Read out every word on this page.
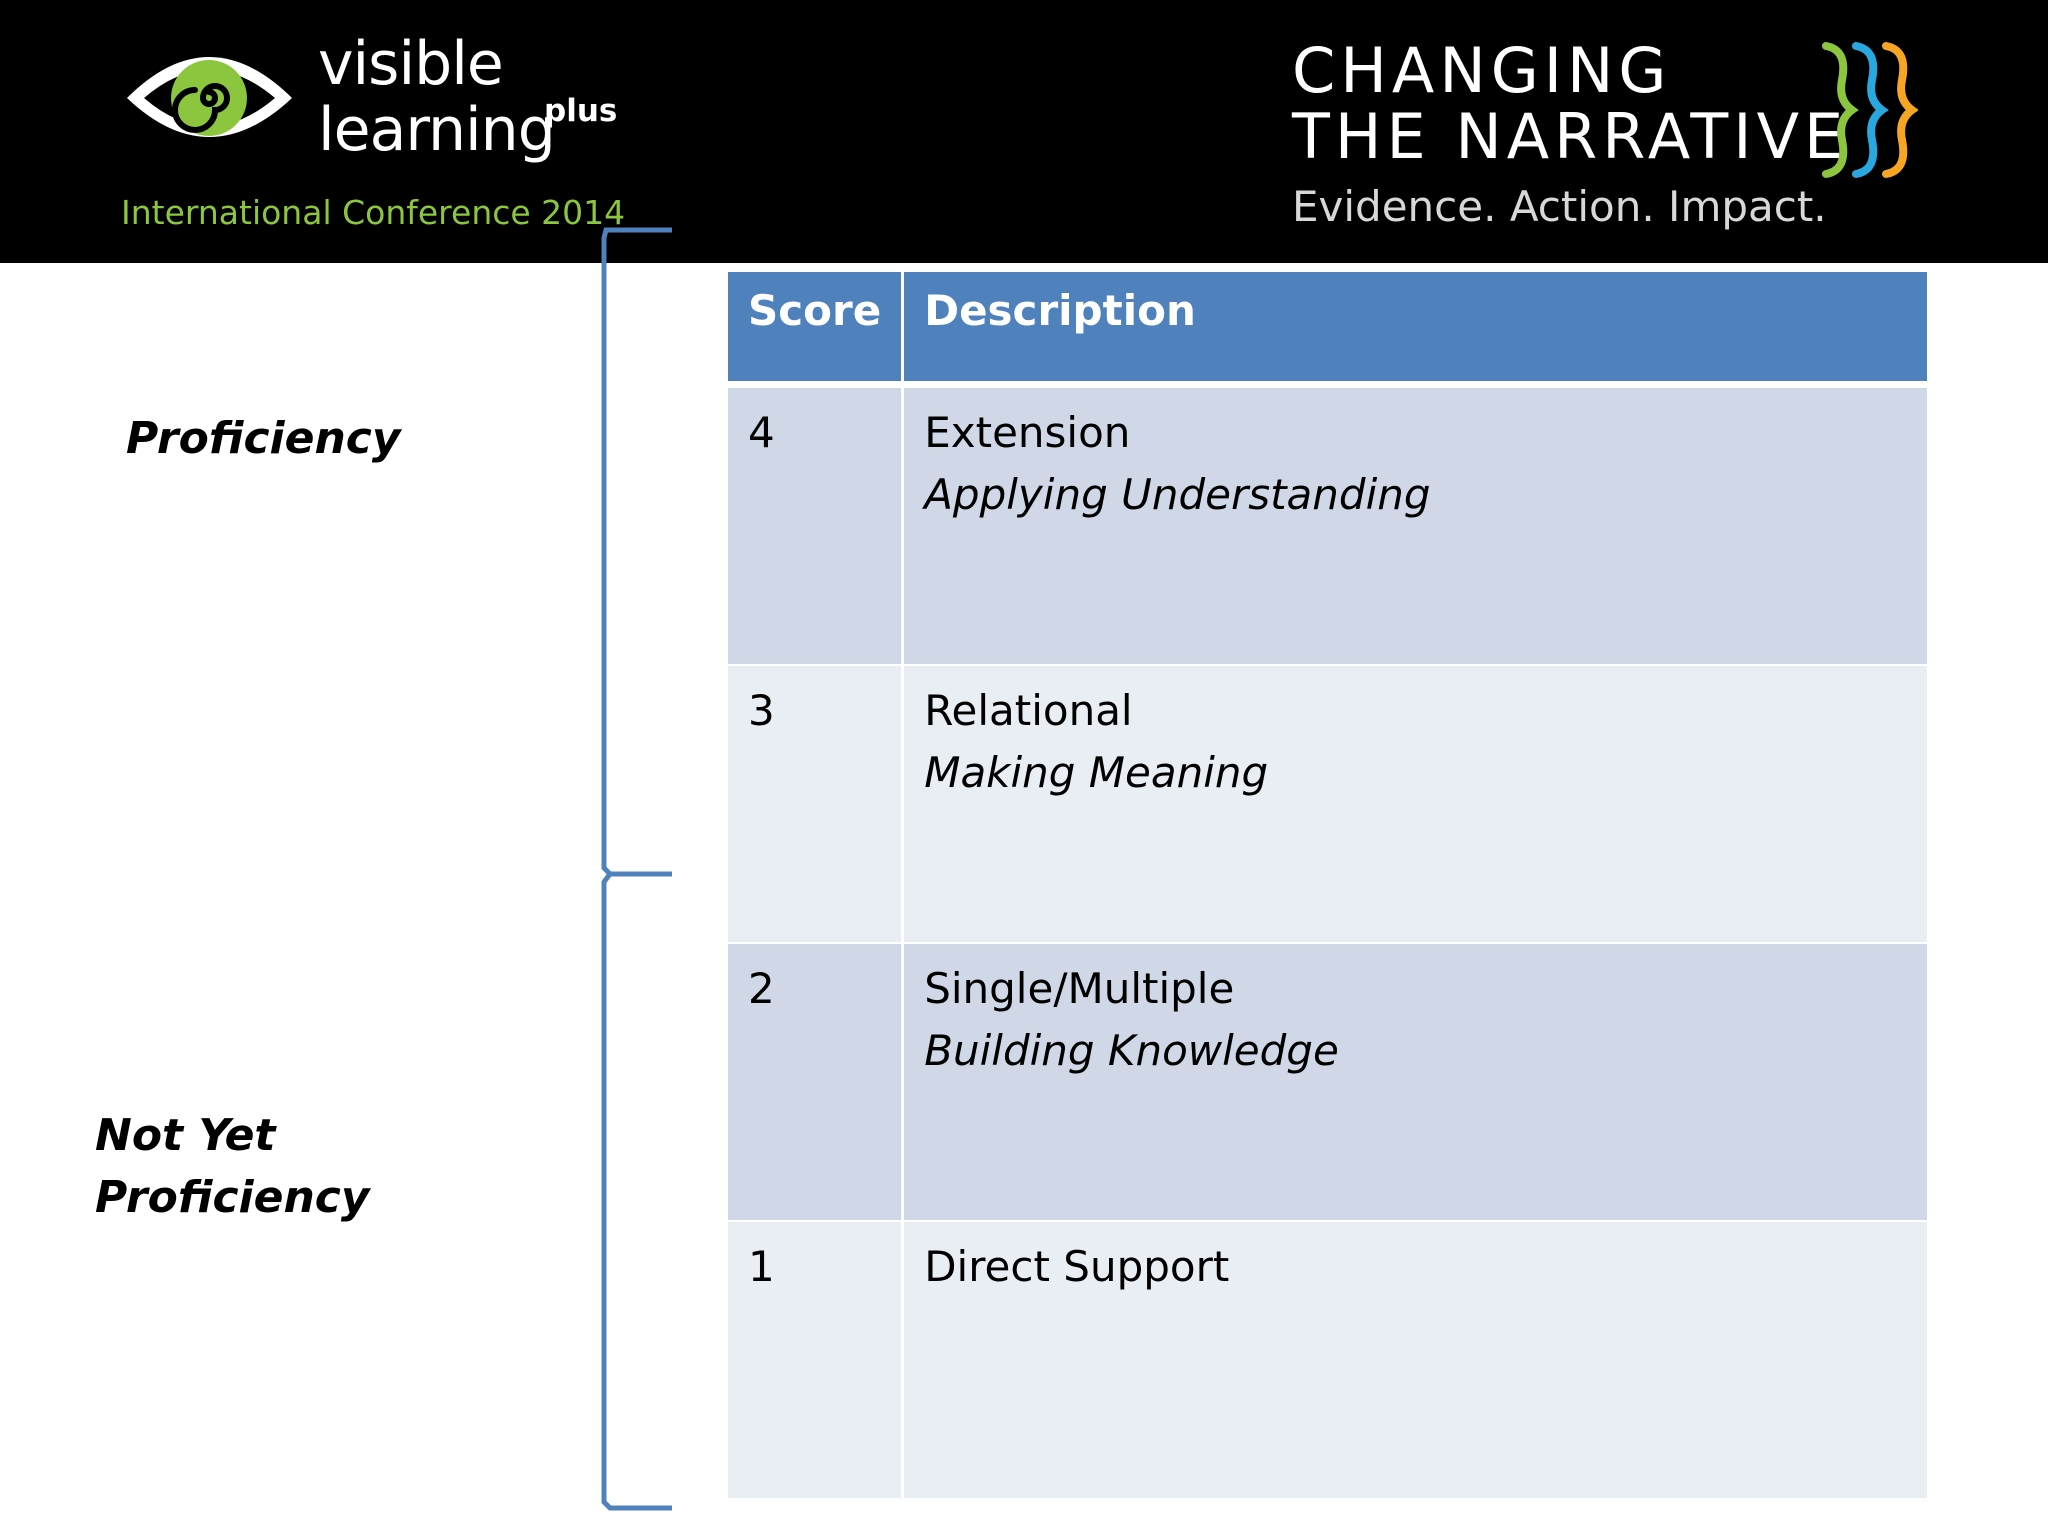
visible
learning
plus
International Conference 2014
CHANGING
THE NARRATIVE
Evidence. Action. Impact.
Proficiency
Not Yet
Proficiency
Score	Description
4	Extension
Applying Understanding

3	Relational
Making Meaning

2	Single/Multiple
Building Knowledge

1	Direct Support
